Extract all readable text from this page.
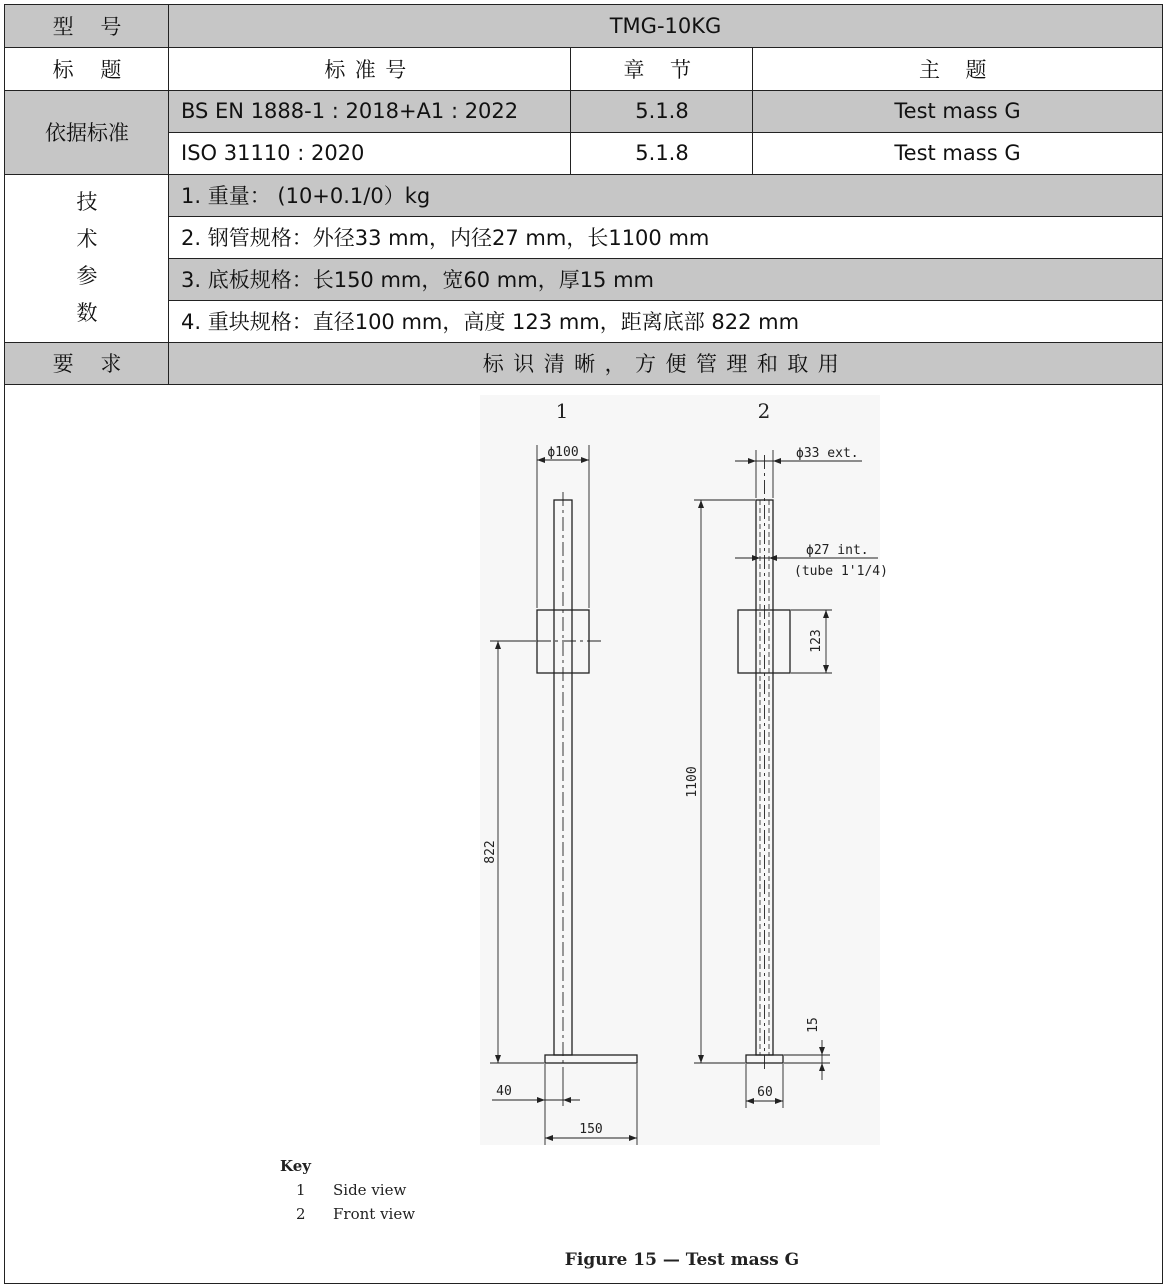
型    号	TMG-10KG
标    题	标准号	章 节	主 题
依据标准
BS EN 1888-1 : 2018+A1 : 2022	5.1.8	Test mass G
ISO 31110 : 2020	5.1.8	Test mass G
技
术
参
数
1. 重量： (10+0.1/0）kg
2. 钢管规格：外径33 mm，内径27 mm，长1100 mm
3. 底板规格：长150 mm，宽60 mm，厚15 mm
4. 重块规格：直径100 mm，高度 123 mm，距离底部 822 mm
要    求	标识清晰，方便管理和取用
1	2
ϕ100	ϕ33 ext.
ϕ27 int.
(tube 1'1/4)
123
1100
822
15
40
150
60
Key
1 Side view
2 Front view
Figure 15 — Test mass G
